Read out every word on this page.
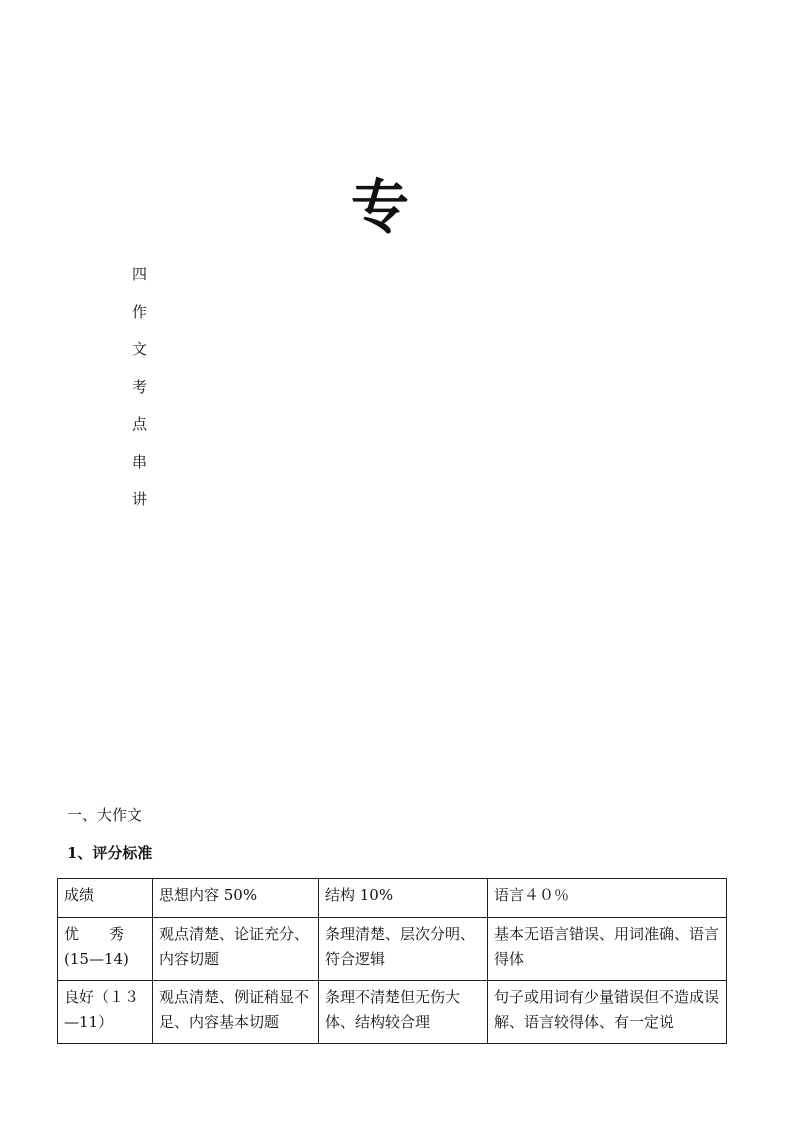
专
四
作
文
考
点
串
讲
一、大作文
1、评分标准
成绩	思想内容 50%	结构 10%	语言４０％
优　　秀(15—14)	观点清楚、论证充分、内容切题	条理清楚、层次分明、符合逻辑	基本无语言错误、用词准确、语言得体
良好（１３—11）	观点清楚、例证稍显不足、内容基本切题	条理不清楚但无伤大体、结构较合理	句子或用词有少量错误但不造成误解、语言较得体、有一定说
